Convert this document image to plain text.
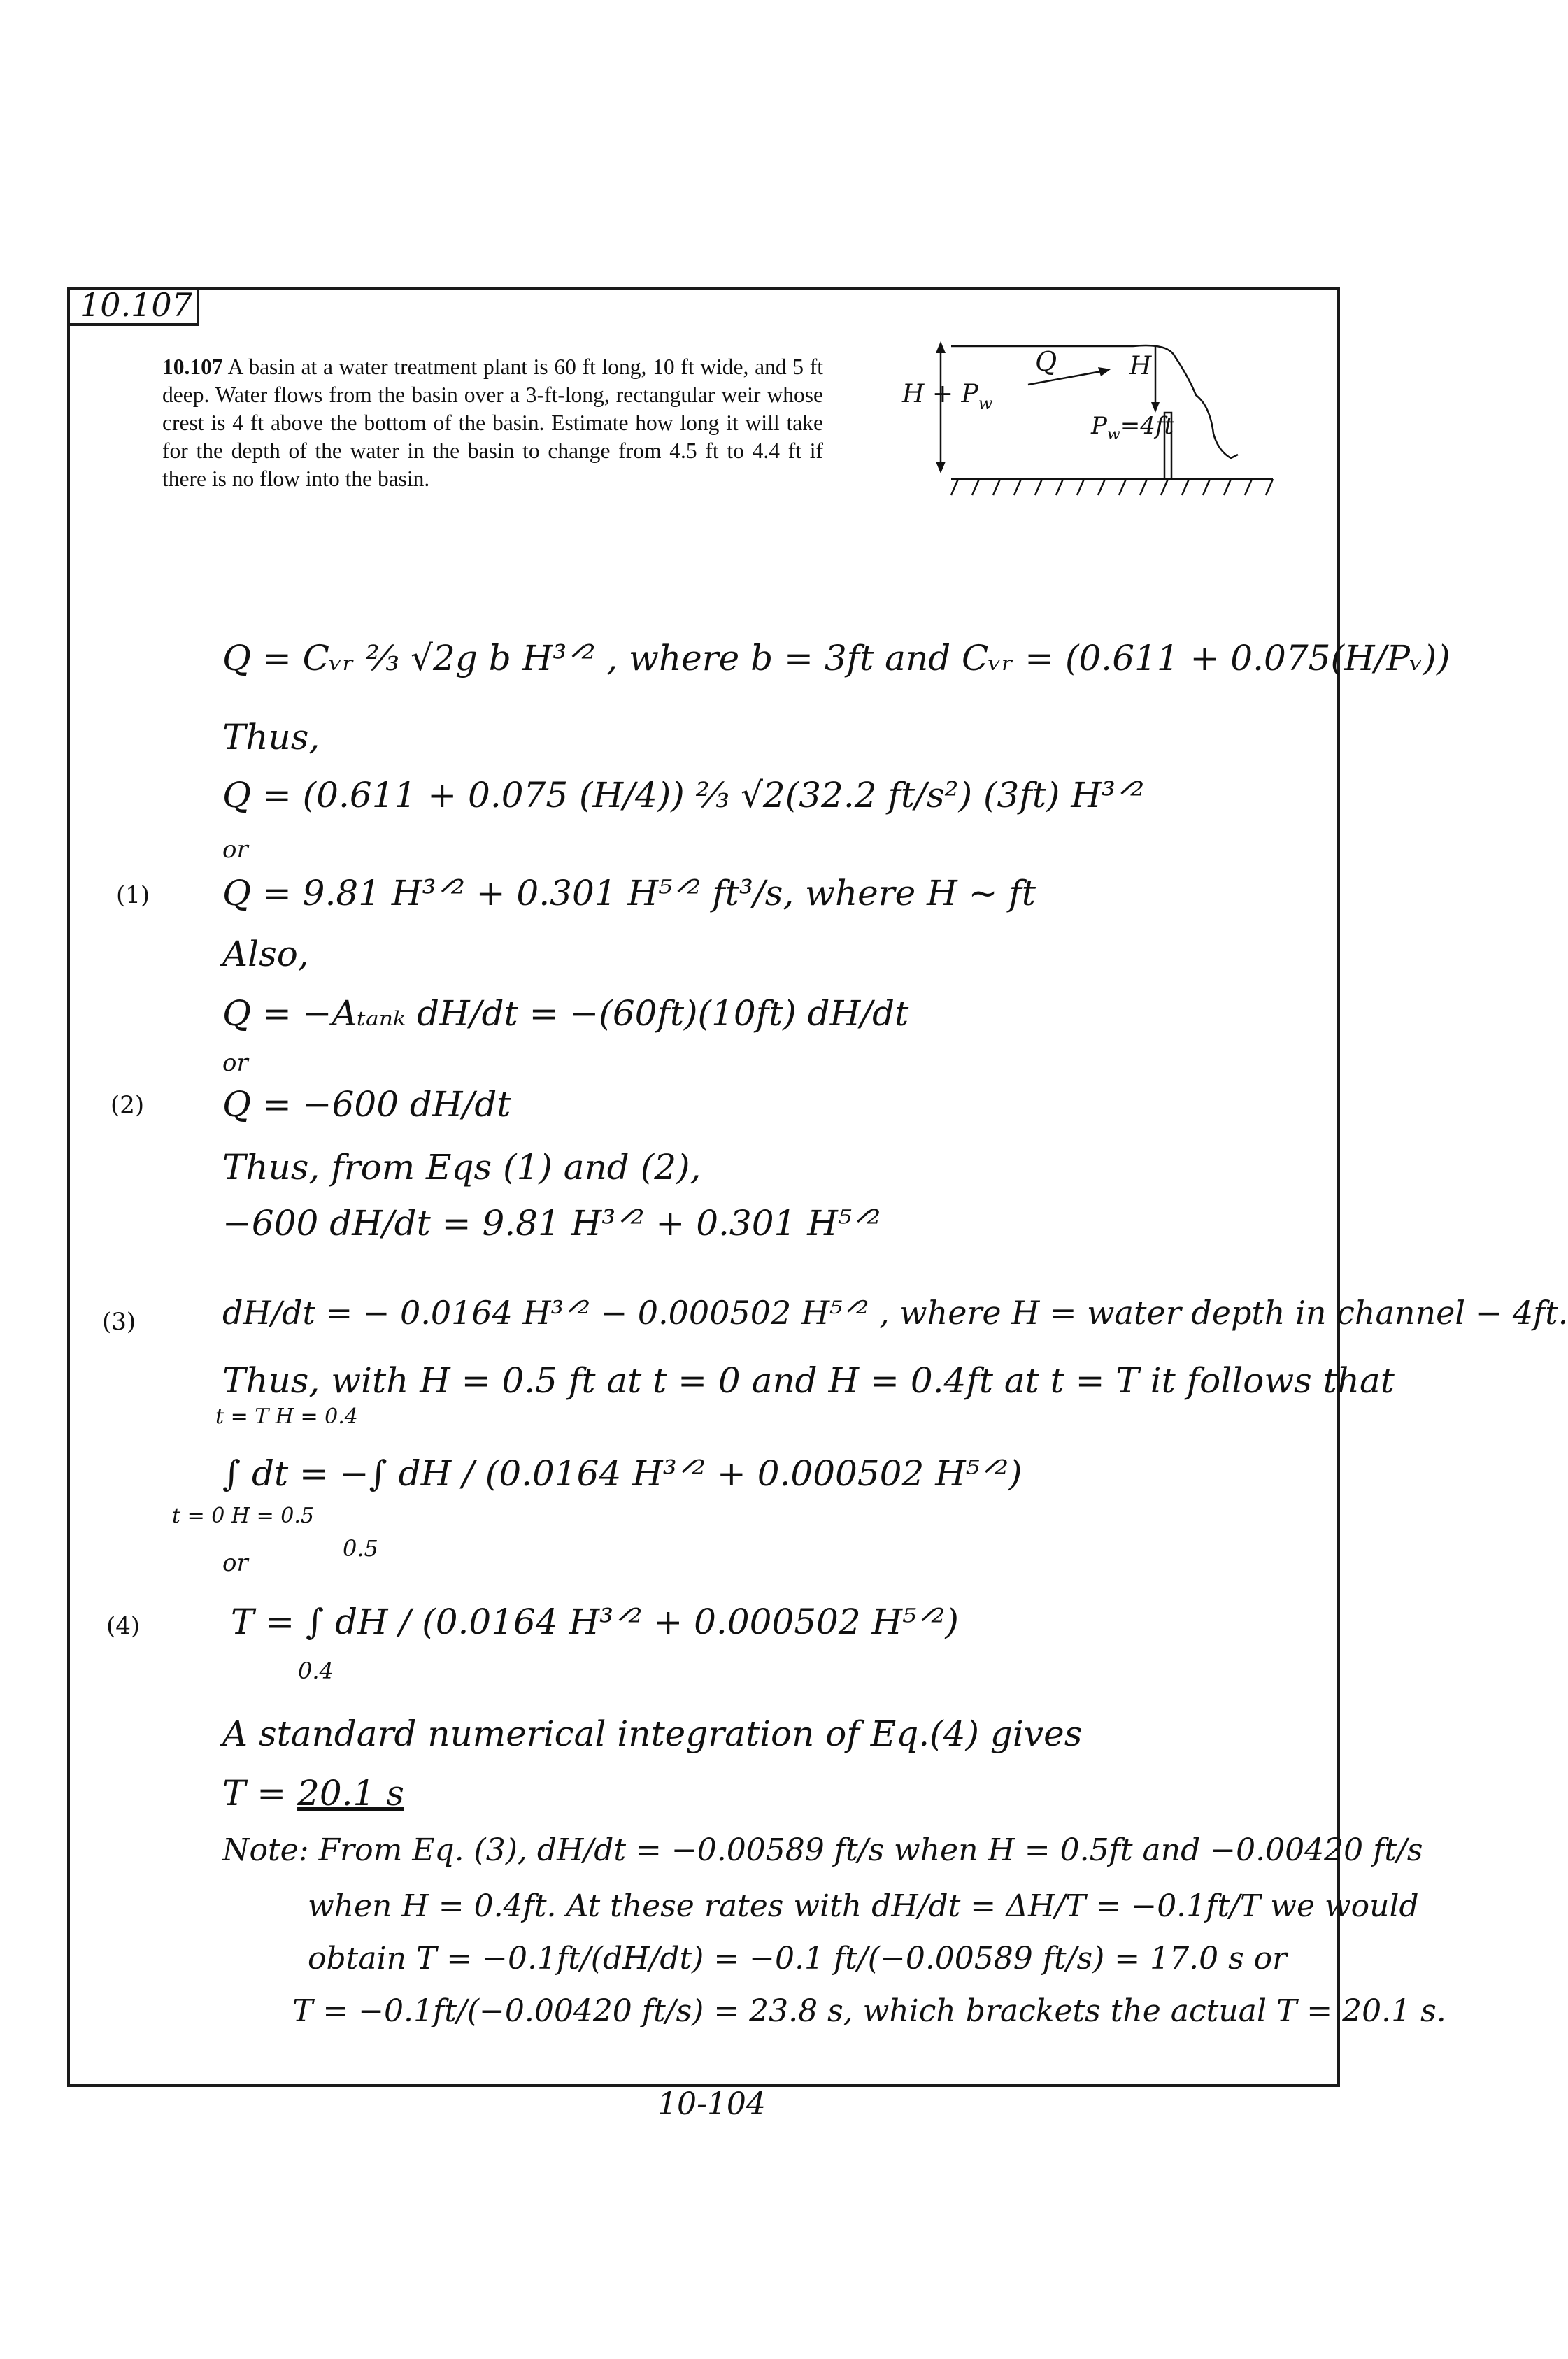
10.107
10.107 A basin at a water treatment plant is 60 ft long, 10 ft wide, and 5 ft deep. Water flows from the basin over a 3-ft-long, rectangular weir whose crest is 4 ft above the bottom of the basin. Estimate how long it will take for the depth of the water in the basin to change from 4.5 ft to 4.4 ft if there is no flow into the basin.
Q	H
$H + P_w$
$P_w=4ft$
Q = Cᵥᵣ ⅔ √2g b H³ᐟ² , where b = 3ft and Cᵥᵣ = (0.611 + 0.075(H/Pᵥ))
Thus,
Q = (0.611 + 0.075 (H/4)) ⅔ √2(32.2 ft/s²) (3ft) H³ᐟ²
or
(1) Q = 9.81 H³ᐟ² + 0.301 H⁵ᐟ² ft³/s, where H ~ ft
Also,
Q = −Aₜₐₙₖ dH/dt = −(60ft)(10ft) dH/dt
or
(2) Q = −600 dH/dt
Thus, from Eqs (1) and (2),
−600 dH/dt = 9.81 H³ᐟ² + 0.301 H⁵ᐟ²
(3)	dH/dt = − 0.0164 H³ᐟ² − 0.000502 H⁵ᐟ² , where H = water depth in channel − 4ft.
Thus, with H = 0.5 ft at t = 0 and H = 0.4ft at t = T it follows that
t = T H = 0.4
∫ dt = −∫ dH / (0.0164 H³ᐟ² + 0.000502 H⁵ᐟ²)
t = 0 H = 0.5
or
0.5
(4)	T = ∫ dH / (0.0164 H³ᐟ² + 0.000502 H⁵ᐟ²)
0.4
A standard numerical integration of Eq.(4) gives
T = 20.1 s
Note: From Eq. (3), dH/dt = −0.00589 ft/s when H = 0.5ft and −0.00420 ft/s
when H = 0.4ft. At these rates with dH/dt = ΔH/T = −0.1ft/T we would
obtain T = −0.1ft/(dH/dt) = −0.1 ft/(−0.00589 ft/s) = 17.0 s or
T = −0.1ft/(−0.00420 ft/s) = 23.8 s, which brackets the actual T = 20.1 s.
10-104
